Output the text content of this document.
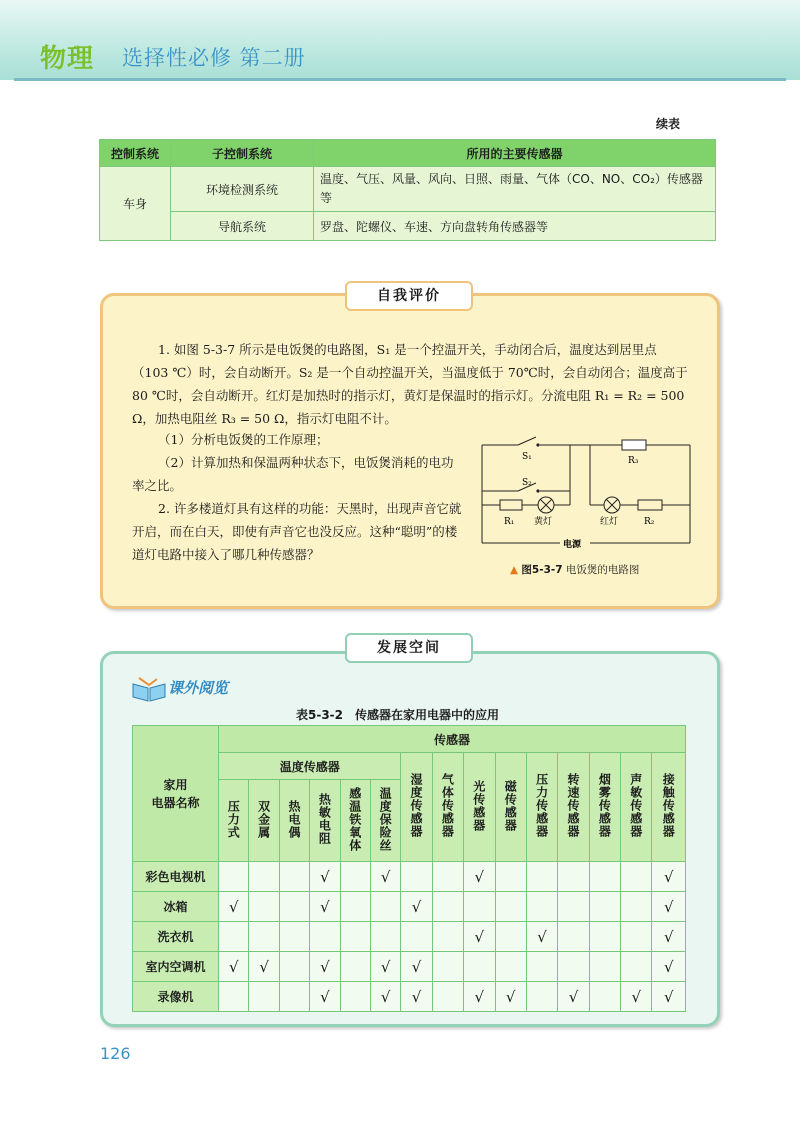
物理 选择性必修 第二册
续表
控制系统	子控制系统	所用的主要传感器
车身	环境检测系统	温度、气压、风量、风向、日照、雨量、气体（CO、NO、CO₂）传感器等
	导航系统	罗盘、陀螺仪、车速、方向盘转角传感器等
自我评价

1. 如图 5-3-7 所示是电饭煲的电路图，S₁ 是一个控温开关，手动闭合后，温度达到居里点（103 ℃）时，会自动断开。S₂ 是一个自动控温开关，当温度低于 70℃时，会自动闭合；温度高于 80 ℃时，会自动断开。红灯是加热时的指示灯，黄灯是保温时的指示灯。分流电阻 R₁ = R₂ = 500 Ω，加热电阻丝 R₃ = 50 Ω，指示灯电阻不计。

（1）分析电饭煲的工作原理；

（2）计算加热和保温两种状态下，电饭煲消耗的电功率之比。

2. 许多楼道灯具有这样的功能：天黑时，出现声音它就开启，而在白天，即使有声音它也没反应。这种“聪明”的楼道灯电路中接入了哪几种传感器？

S₁
S₂
R₁ 黄灯
R₃
红灯	R₂
电源
▲ 图5-3-7 电饭煲的电路图
发展空间
课外阅览
表5-3-2　传感器在家用电器中的应用
家用
电器名称	传感器														
	温度传感器						湿度传感器	气体传感器	光传感器	磁传感器	压力传感器	转速传感器	烟雾传感器	声敏传感器	接触传感器
	压力式	双金属	热电偶	热敏电阻	感温铁氧体	温度保险丝									
彩色电视机				√		√			√						√
冰箱	√			√			√								√
洗衣机									√		√				√
室内空调机	√	√		√		√	√								√
录像机				√		√	√		√	√		√		√	√
126
